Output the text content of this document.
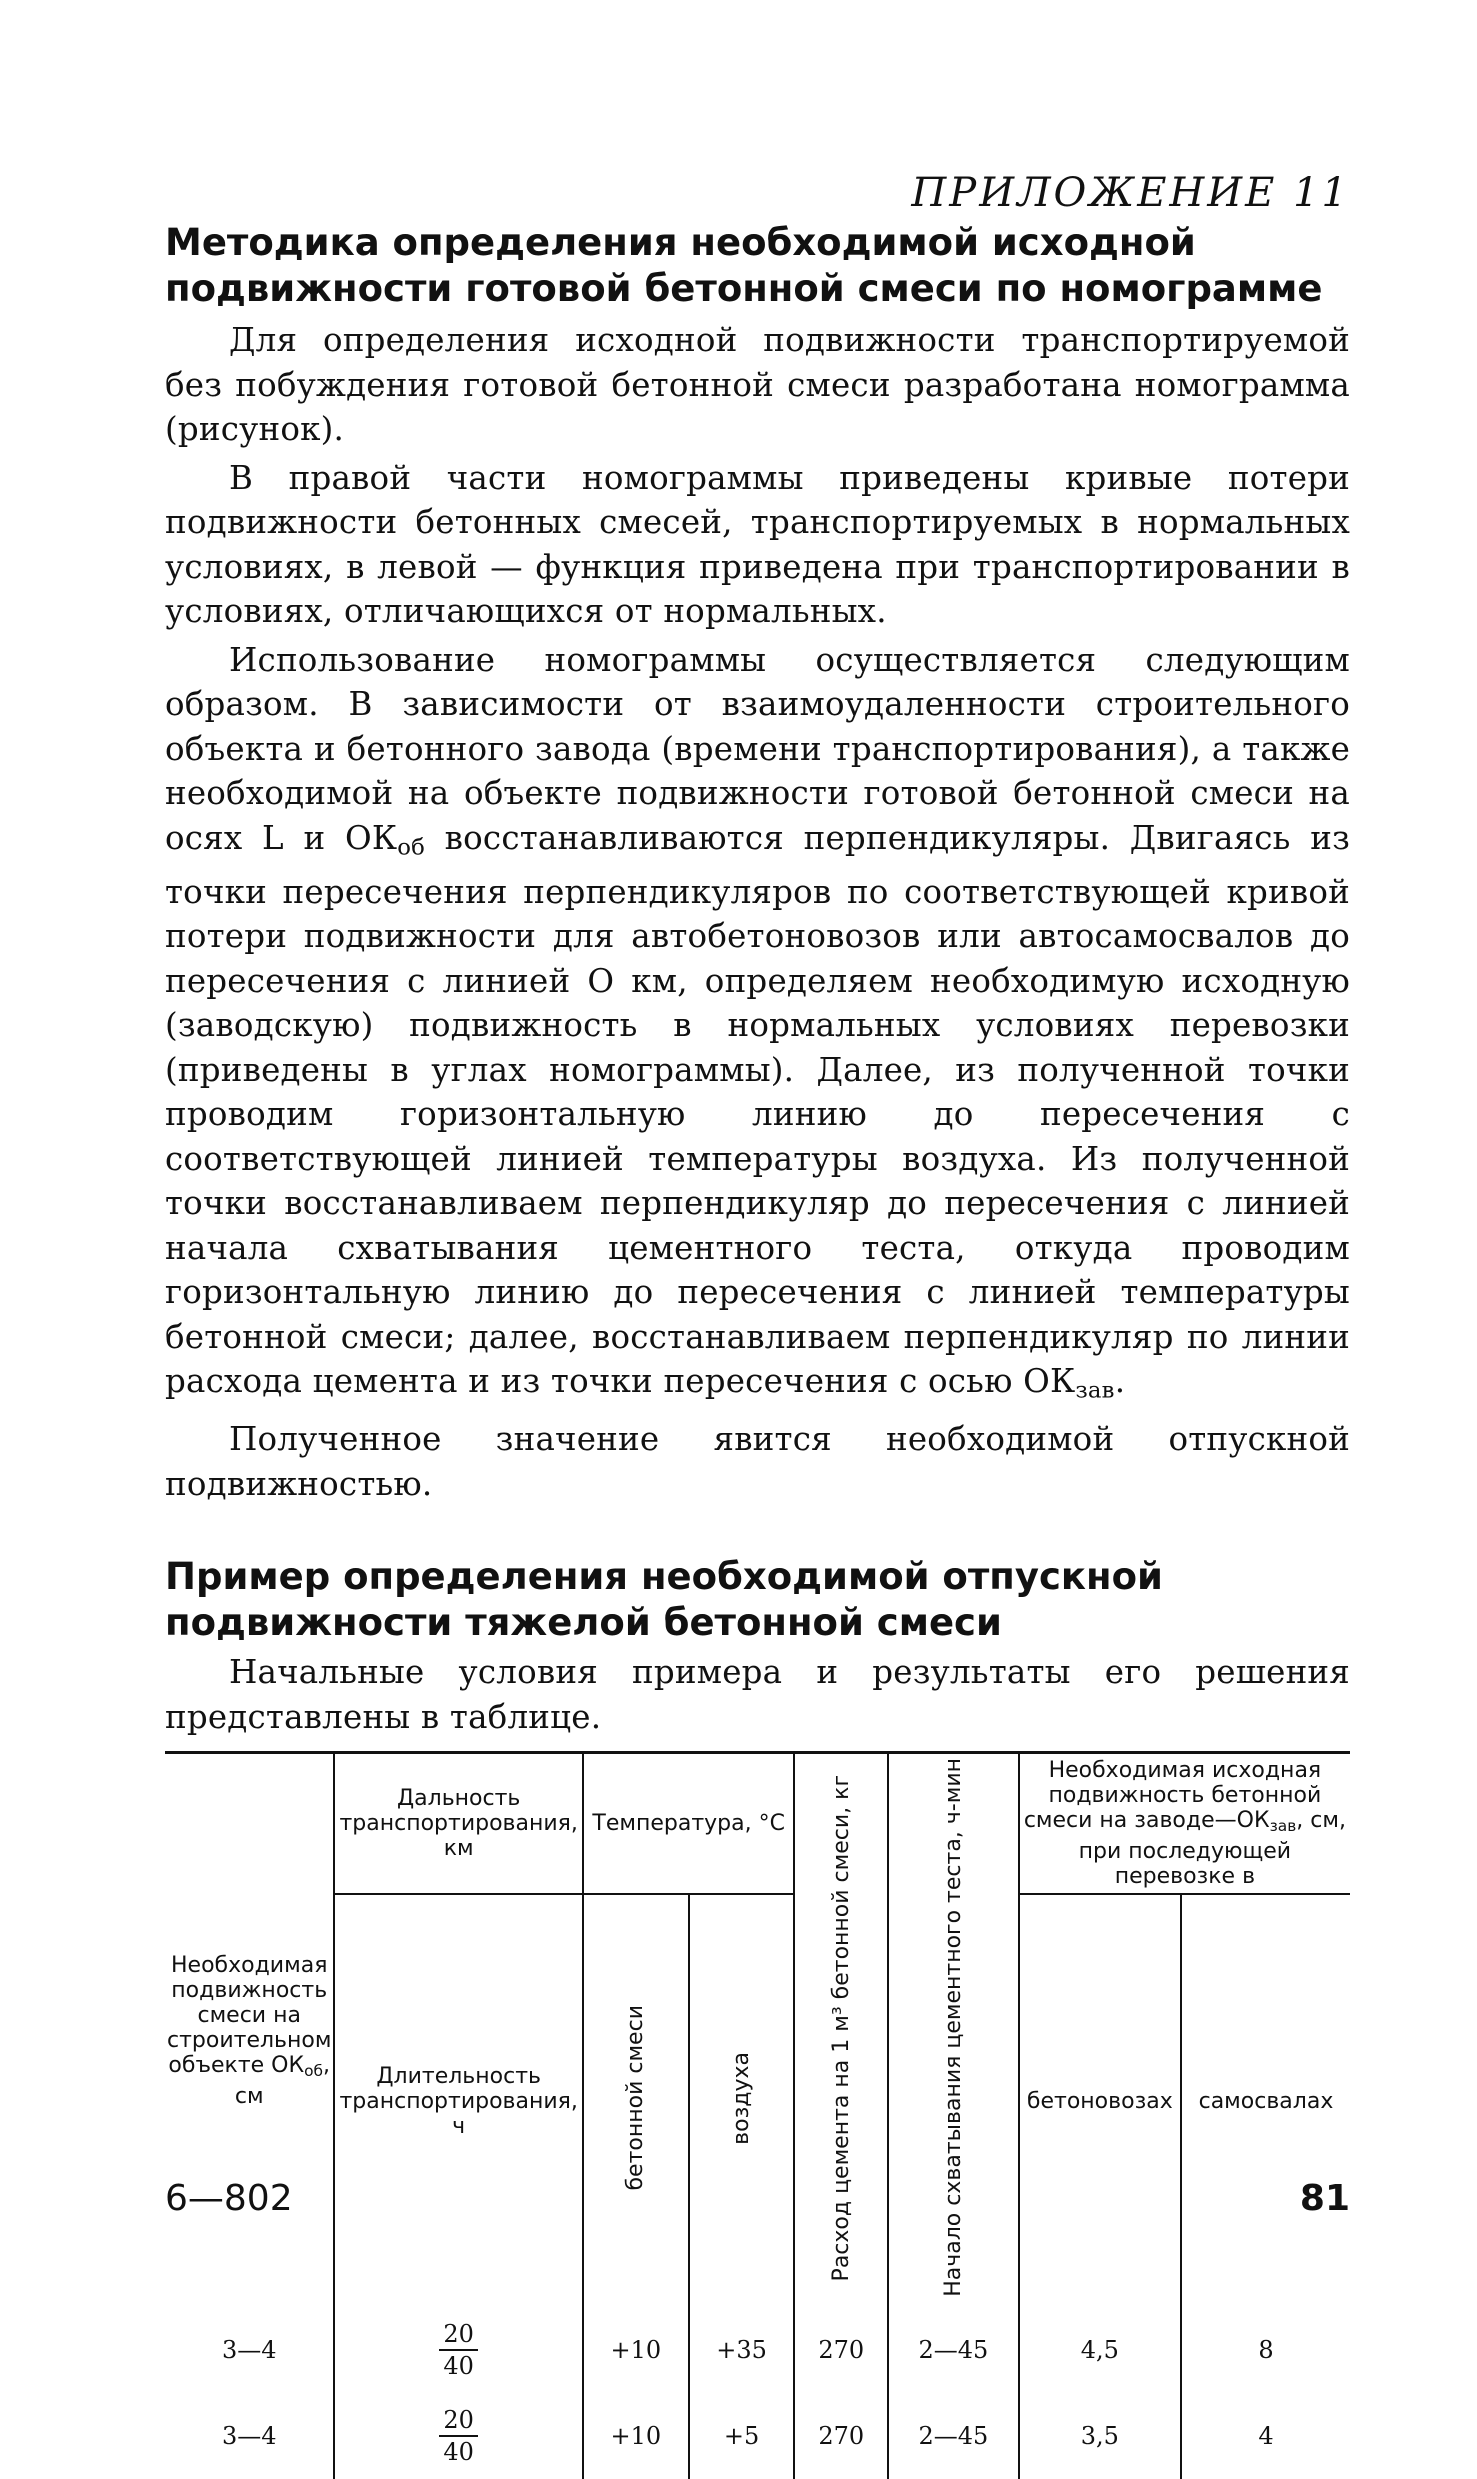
ПРИЛОЖЕНИЕ 11
Методика определения необходимой исходной
подвижности готовой бетонной смеси по номограмме

Для определения исходной подвижности транспортируемой без побуждения готовой бетонной смеси разработана номограмма (рисунок).

В правой части номограммы приведены кривые потери подвижности бетонных смесей, транспортируемых в нормальных условиях, в левой — функция приведена при транспортировании в условиях, отличающихся от нормальных.

Использование номограммы осуществляется следующим образом. В зависимости от взаимоудаленности строительного объекта и бетонного завода (времени транспортирования), а также необходимой на объекте подвижности готовой бетонной смеси на осях L и $ОК_{об}$ восстанавливаются перпендикуляры. Двигаясь из точки пересечения перпендикуляров по соответствующей кривой потери подвижности для автобетоновозов или автосамосвалов до пересечения с линией О км, определяем необходимую исходную (заводскую) подвижность в нормальных условиях перевозки (приведены в углах номограммы). Далее, из полученной точки проводим горизонтальную линию до пересечения с соответствующей линией температуры воздуха. Из полученной точки восстанавливаем перпендикуляр до пересечения с линией начала схватывания цементного теста, откуда проводим горизонтальную линию до пересечения с линией температуры бетонной смеси; далее, восстанавливаем перпендикуляр по линии расхода цемента и из точки пересечения с осью $ОК_{зав}$.

Полученное значение явится необходимой отпускной подвижностью.

Пример определения необходимой отпускной
подвижности тяжелой бетонной смеси

Начальные условия примера и результаты его решения представлены в таблице.

Необходимая подвижность смеси на строительном объекте $ОК_{об}$, см	Дальность транспортирования, км	Температура, °С		Расход цемента на 1 м³ бетонной смеси, кг	Начало схватывания цементного теста, ч-мин	Необходимая исходная подвижность бетонной смеси на $заводе—ОК_{зав}$, см, при последующей перевозке в	
	Длительность транспортирования, ч	бетонной смеси	воздуха			бетоновозах	самосвалах

3—4	$\frac{20}{40}$	+10	+35	270	2—45	4,5	8
3—4	$\frac{20}{40}$	+10	+5	270	2—45	3,5	4
6—802	81
